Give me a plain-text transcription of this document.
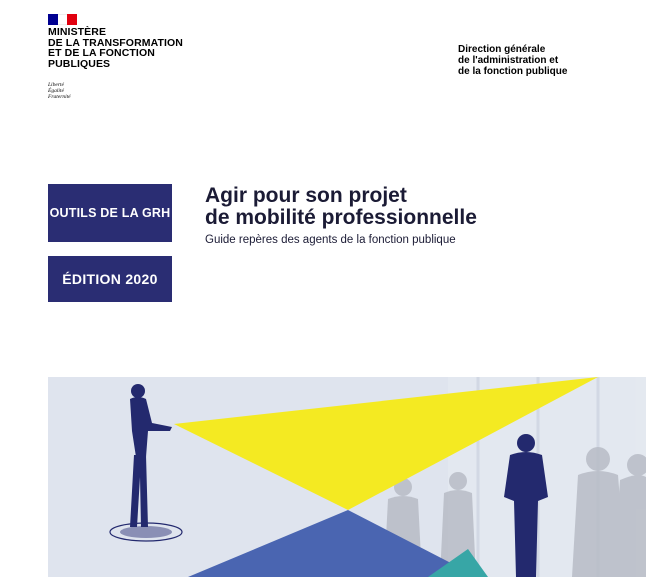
MINISTÈRE
DE LA TRANSFORMATION
ET DE LA FONCTION
PUBLIQUES
Liberté
Égalité
Fraternité
Direction générale
de l'administration et
de la fonction publique
OUTILS DE LA GRH
ÉDITION 2020
Agir pour son projet
de mobilité professionnelle
Guide repères des agents de la fonction publique
